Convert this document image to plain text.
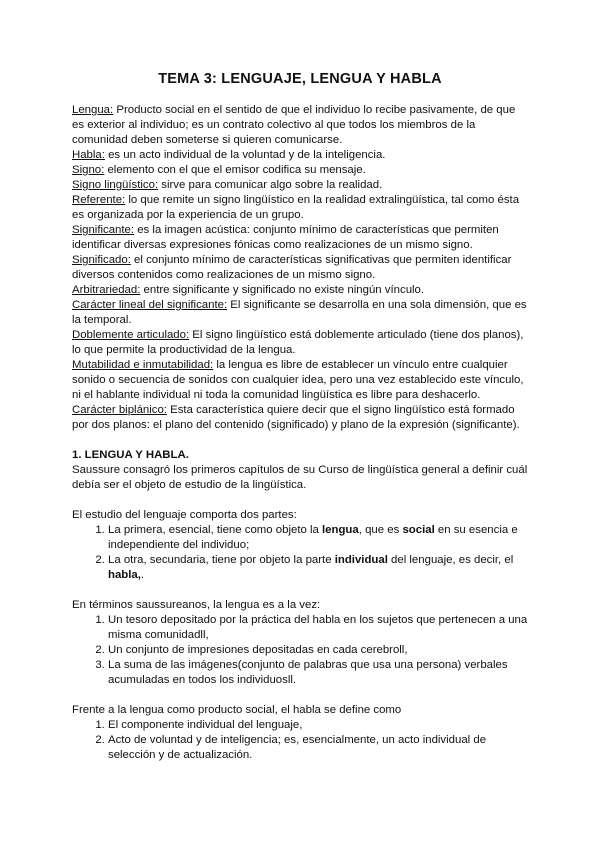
TEMA 3: LENGUAJE, LENGUA Y HABLA

Lengua: Producto social en el sentido de que el individuo lo recibe pasivamente, de que es exterior al individuo; es un contrato colectivo al que todos los miembros de la comunidad deben someterse si quieren comunicarse.

Habla: es un acto individual de la voluntad y de la inteligencia.

Signo: elemento con el que el emisor codifica su mensaje.

Signo lingüístico: sirve para comunicar algo sobre la realidad.

Referente: lo que remite un signo lingüístico en la realidad extralingüística, tal como ésta es organizada por la experiencia de un grupo.

Significante: es la imagen acústica: conjunto mínimo de características que permiten identificar diversas expresiones fónicas como realizaciones de un mismo signo.

Significado: el conjunto mínimo de características significativas que permiten identificar diversos contenidos como realizaciones de un mismo signo.

Arbitrariedad: entre significante y significado no existe ningún vínculo.

Carácter lineal del significante: El significante se desarrolla en una sola dimensión, que es la temporal.

Doblemente articulado: El signo lingüístico está doblemente articulado (tiene dos planos), lo que permite la productividad de la lengua.

Mutabilidad e inmutabilidad: la lengua es libre de establecer un vínculo entre cualquier sonido o secuencia de sonidos con cualquier idea, pero una vez establecido este vínculo, ni el hablante individual ni toda la comunidad lingüística es libre para deshacerlo.

Carácter biplánico: Esta característica quiere decir que el signo lingüístico está formado por dos planos: el plano del contenido (significado) y plano de la expresión (significante).

1. LENGUA Y HABLA.

Saussure consagró los primeros capítulos de su Curso de lingüística general a definir cuál debía ser el objeto de estudio de la lingüística.

El estudio del lenguaje comporta dos partes:

1. La primera, esencial, tiene como objeto la lengua, que es social en su esencia e independiente del individuo;
2. La otra, secundaria, tiene por objeto la parte individual del lenguaje, es decir, el habla,.

En términos saussureanos, la lengua es a la vez:

1. Un tesoro depositado por la práctica del habla en los sujetos que pertenecen a una misma comunidadll,
2. Un conjunto de impresiones depositadas en cada cerebroll,
3. La suma de las imágenes(conjunto de palabras que usa una persona) verbales acumuladas en todos los individuosll.

Frente a la lengua como producto social, el habla se define como

1. El componente individual del lenguaje,
2. Acto de voluntad y de inteligencia; es, esencialmente, un acto individual de selección y de actualización.
